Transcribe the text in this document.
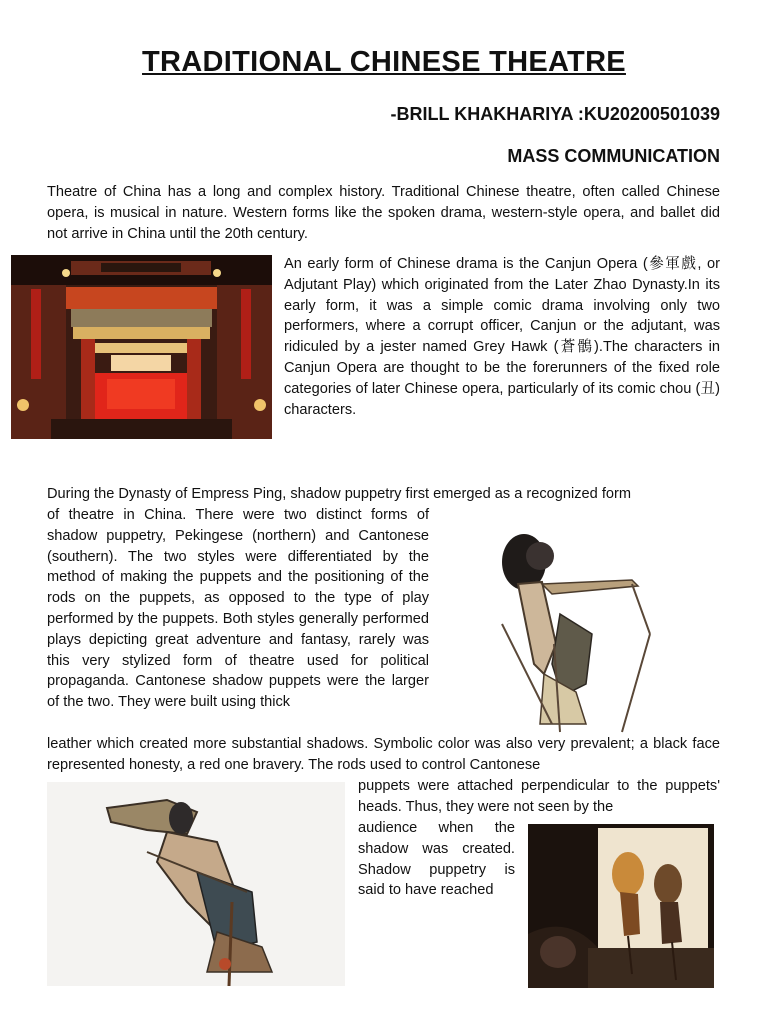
TRADITIONAL CHINESE THEATRE
-BRILL KHAKHARIYA :KU20200501039
MASS COMMUNICATION

Theatre of China has a long and complex history. Traditional Chinese theatre, often called Chinese opera, is musical in nature. Western forms like the spoken drama, western-style opera, and ballet did not arrive in China until the 20th century.

An early form of Chinese drama is the Canjun Opera (參軍戲, or Adjutant Play) which originated from the Later Zhao Dynasty.In its early form, it was a simple comic drama involving only two performers, where a corrupt officer, Canjun or the adjutant, was ridiculed by a jester named Grey Hawk (蒼鶻).The characters in Canjun Opera are thought to be the forerunners of the fixed role categories of later Chinese opera, particularly of its comic chou (丑) characters.

During the Dynasty of Empress Ping, shadow puppetry first emerged as a recognized form

of theatre in China. There were two distinct forms of shadow puppetry, Pekingese (northern) and Cantonese (southern). The two styles were differentiated by the method of making the puppets and the positioning of the rods on the puppets, as opposed to the type of play performed by the puppets. Both styles generally performed plays depicting great adventure and fantasy, rarely was this very stylized form of theatre used for political propaganda. Cantonese shadow puppets were the larger of the two. They were built using thick

leather which created more substantial shadows. Symbolic color was also very prevalent; a black face represented honesty, a red one bravery. The rods used to control Cantonese

puppets were attached perpendicular to the puppets' heads. Thus, they were not seen by the

audience when the shadow was created. Shadow puppetry is said to have reached
